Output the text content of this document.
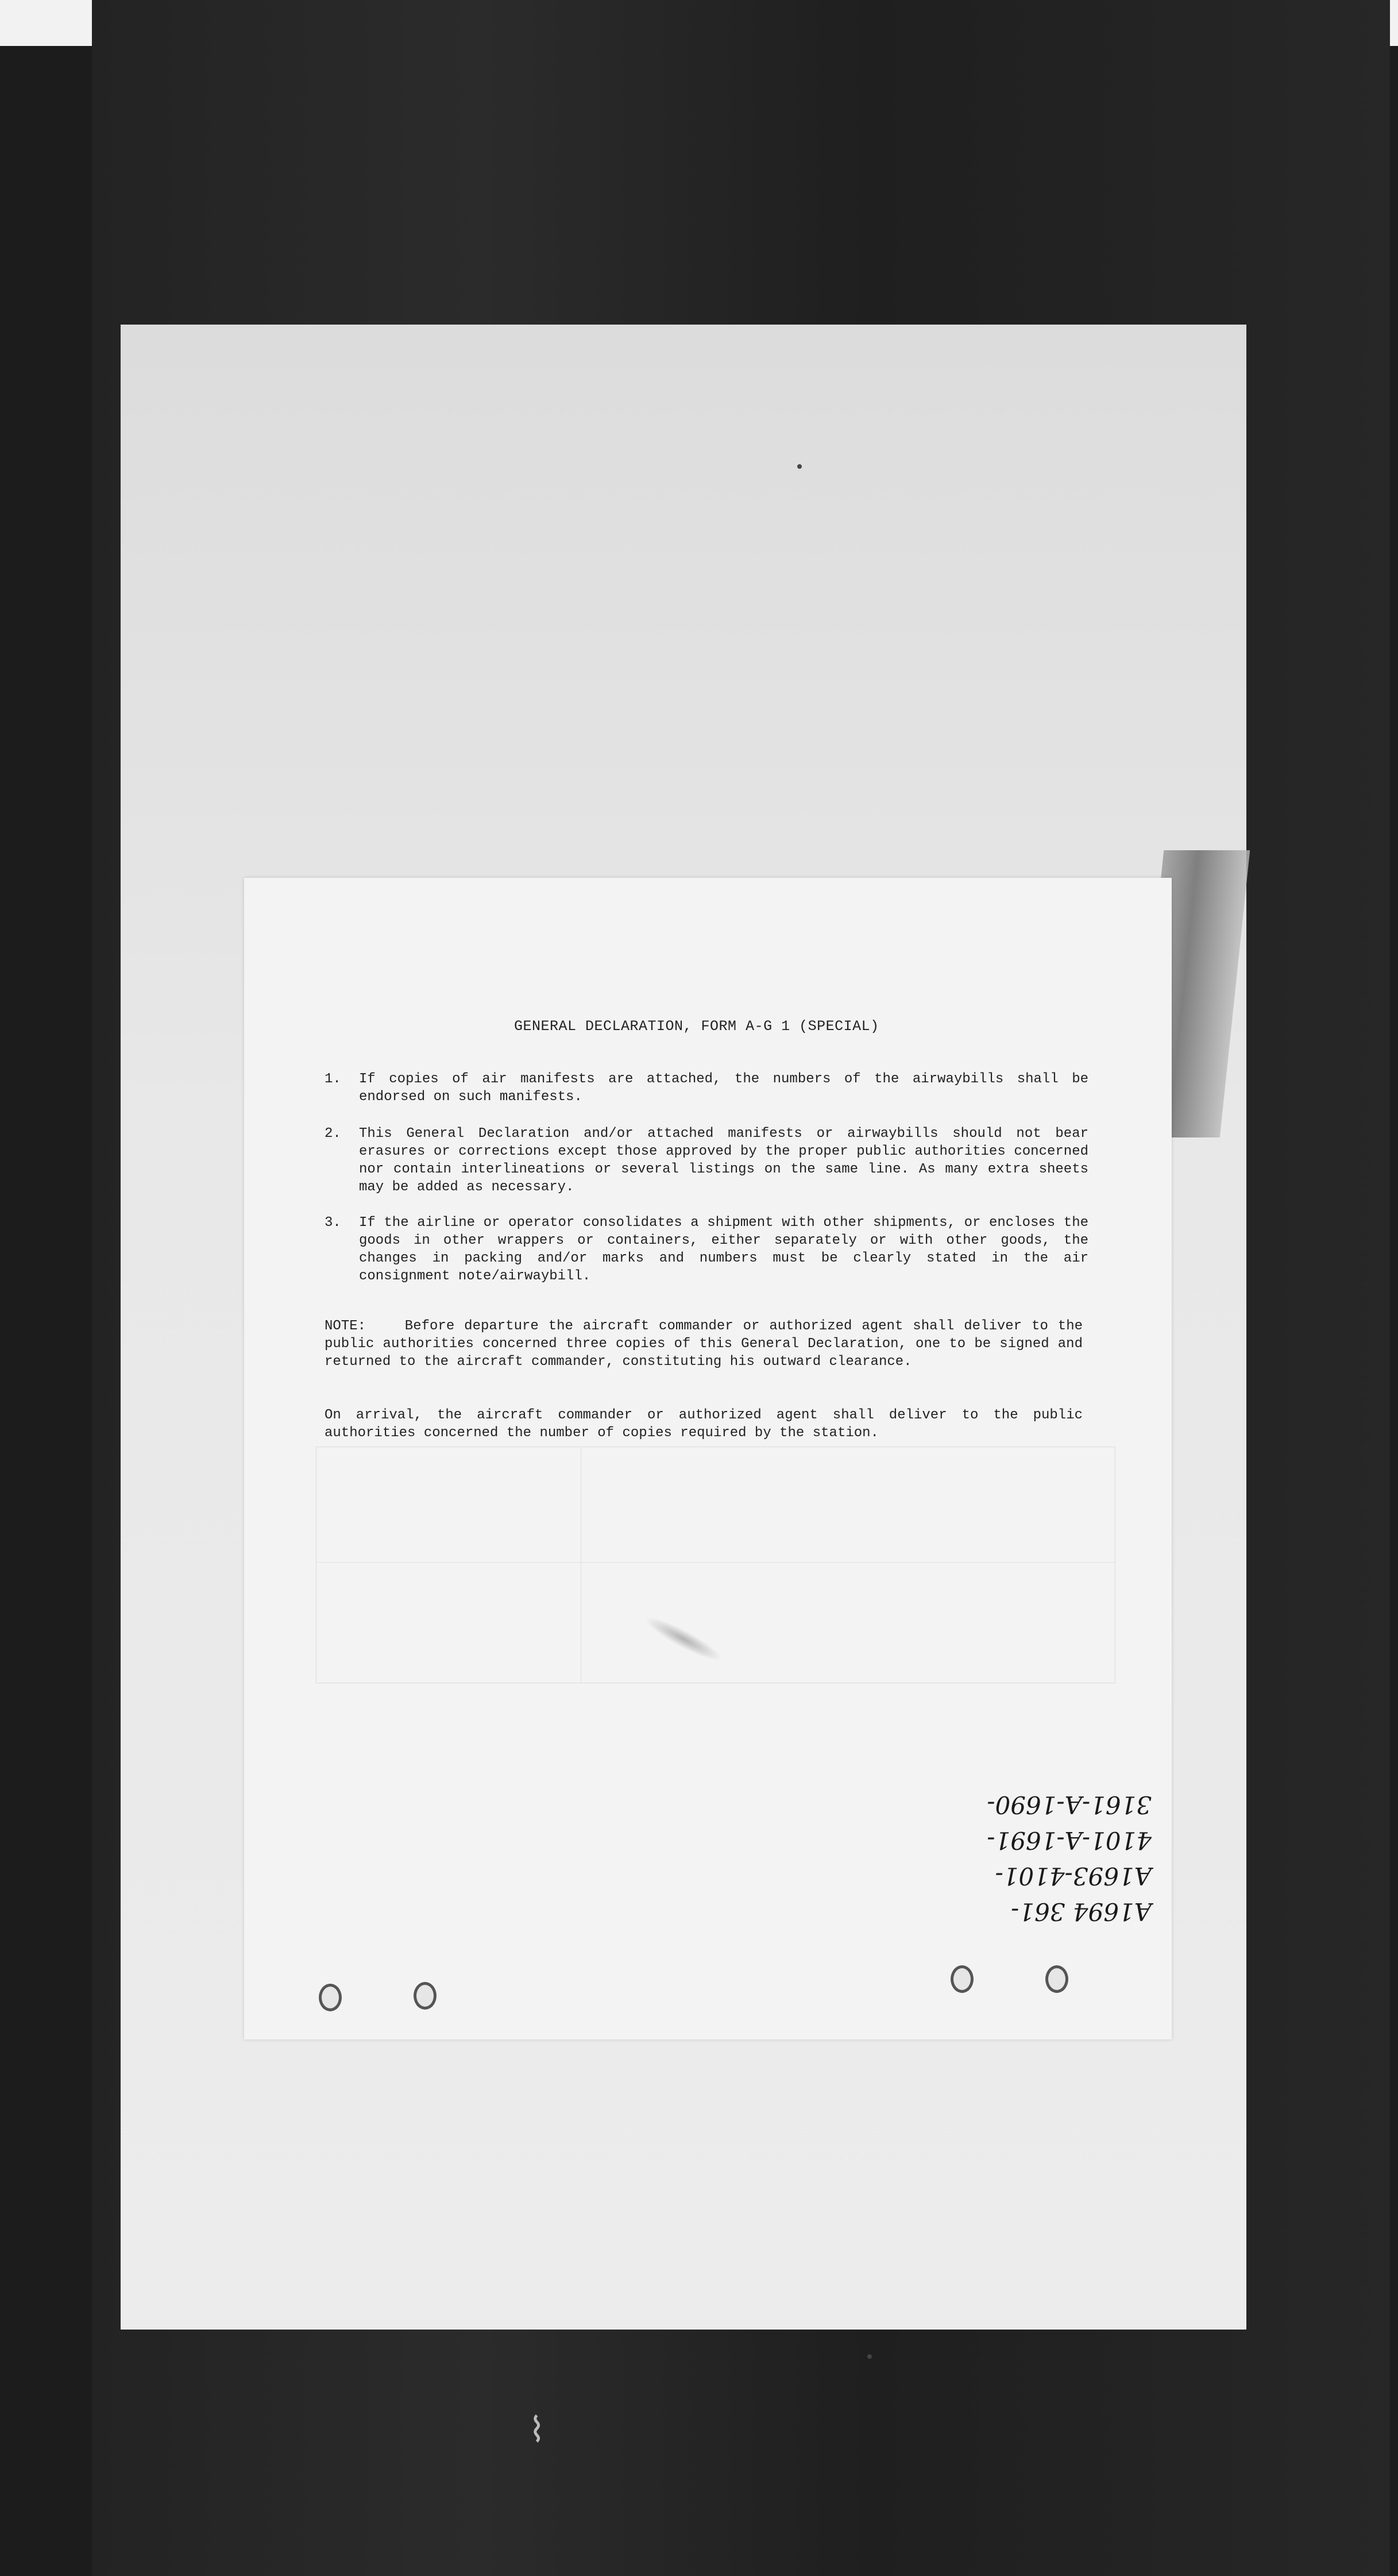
GENERAL DECLARATION, FORM A-G 1 (SPECIAL)
1.	If copies of air manifests are attached, the numbers of the airwaybills shall be endorsed on such manifests.
2.	This General Declaration and/or attached manifests or airwaybills should not bear erasures or corrections except those approved by the proper public authorities concerned nor contain interlineations or several listings on the same line. As many extra sheets may be added as necessary.
3.	If the airline or operator consolidates a shipment with other shipments, or encloses the goods in other wrappers or containers, either separately or with other goods, the changes in packing and/or marks and numbers must be clearly stated in the air consignment note/airwaybill.
NOTE:    Before departure the aircraft commander or authorized agent shall deliver to the public authorities concerned three copies of this General Declaration, one to be signed and returned to the aircraft commander, constituting his outward clearance.
On arrival, the aircraft commander or authorized agent shall deliver to the public authorities concerned the number of copies required by the station.
A1694 361-
A1693-4101-
4101-A-1691-
3161-A-1690-
⌇
